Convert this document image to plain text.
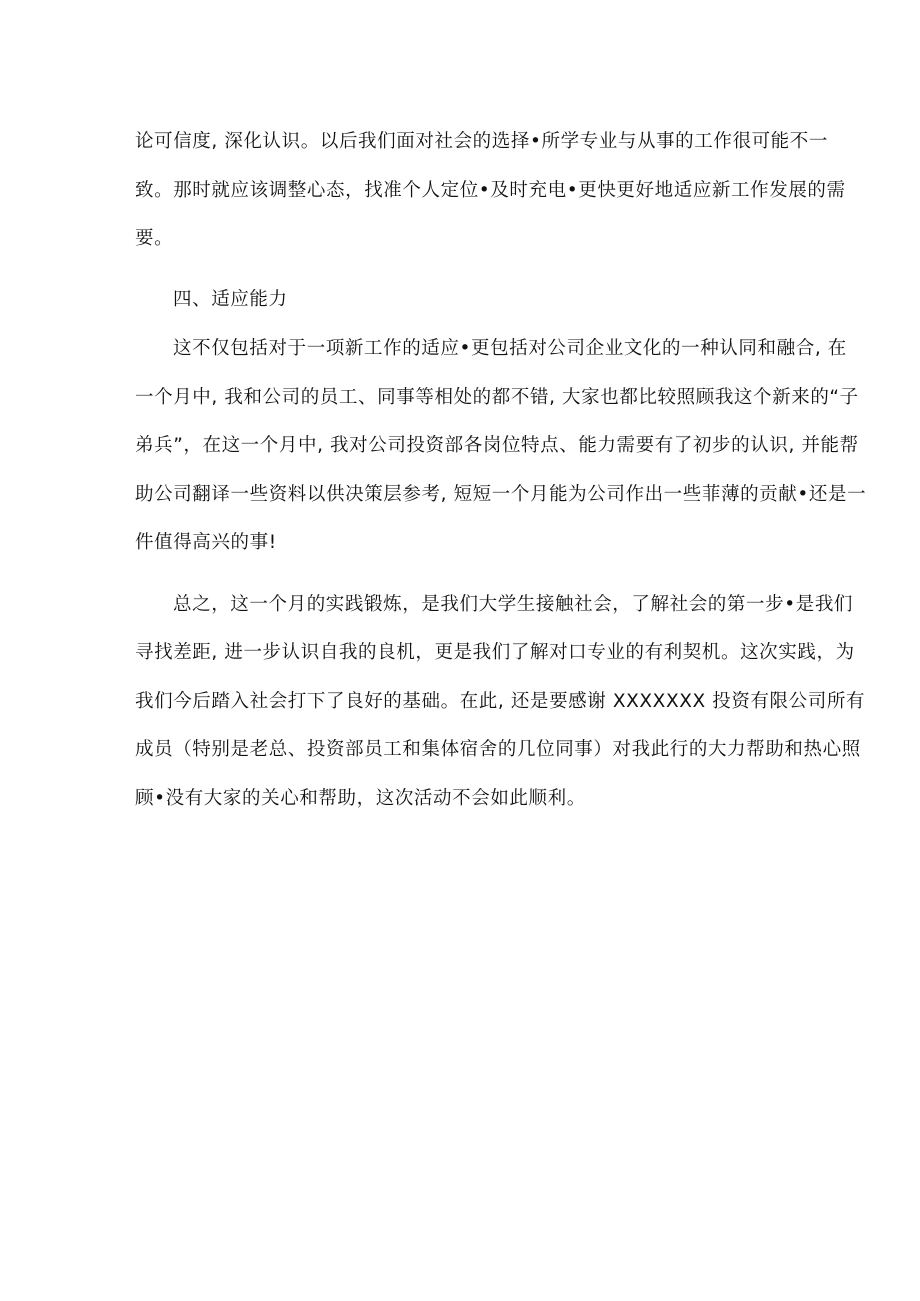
论可信度, 深化认识。以后我们面对社会的选择•所学专业与从事的工作很可能不一
致。那时就应该调整心态，找准个人定位•及时充电•更快更好地适应新工作发展的需
要。
四、适应能力
这不仅包括对于一项新工作的适应•更包括对公司企业文化的一种认同和融合, 在
一个月中, 我和公司的员工、同事等相处的都不错, 大家也都比较照顾我这个新来的“子
弟兵”，在这一个月中, 我对公司投资部各岗位特点、能力需要有了初步的认识, 并能帮
助公司翻译一些资料以供决策层参考, 短短一个月能为公司作出一些菲薄的贡献•还是一
件值得高兴的事!
总之，这一个月的实践锻炼，是我们大学生接触社会，了解社会的第一步•是我们
寻找差距, 进一步认识自我的良机，更是我们了解对口专业的有利契机。这次实践，为
我们今后踏入社会打下了良好的基础。在此, 还是要感谢 XXXXXXX 投资有限公司所有
成员（特别是老总、投资部员工和集体宿舍的几位同事）对我此行的大力帮助和热心照
顾•没有大家的关心和帮助，这次活动不会如此顺利。
